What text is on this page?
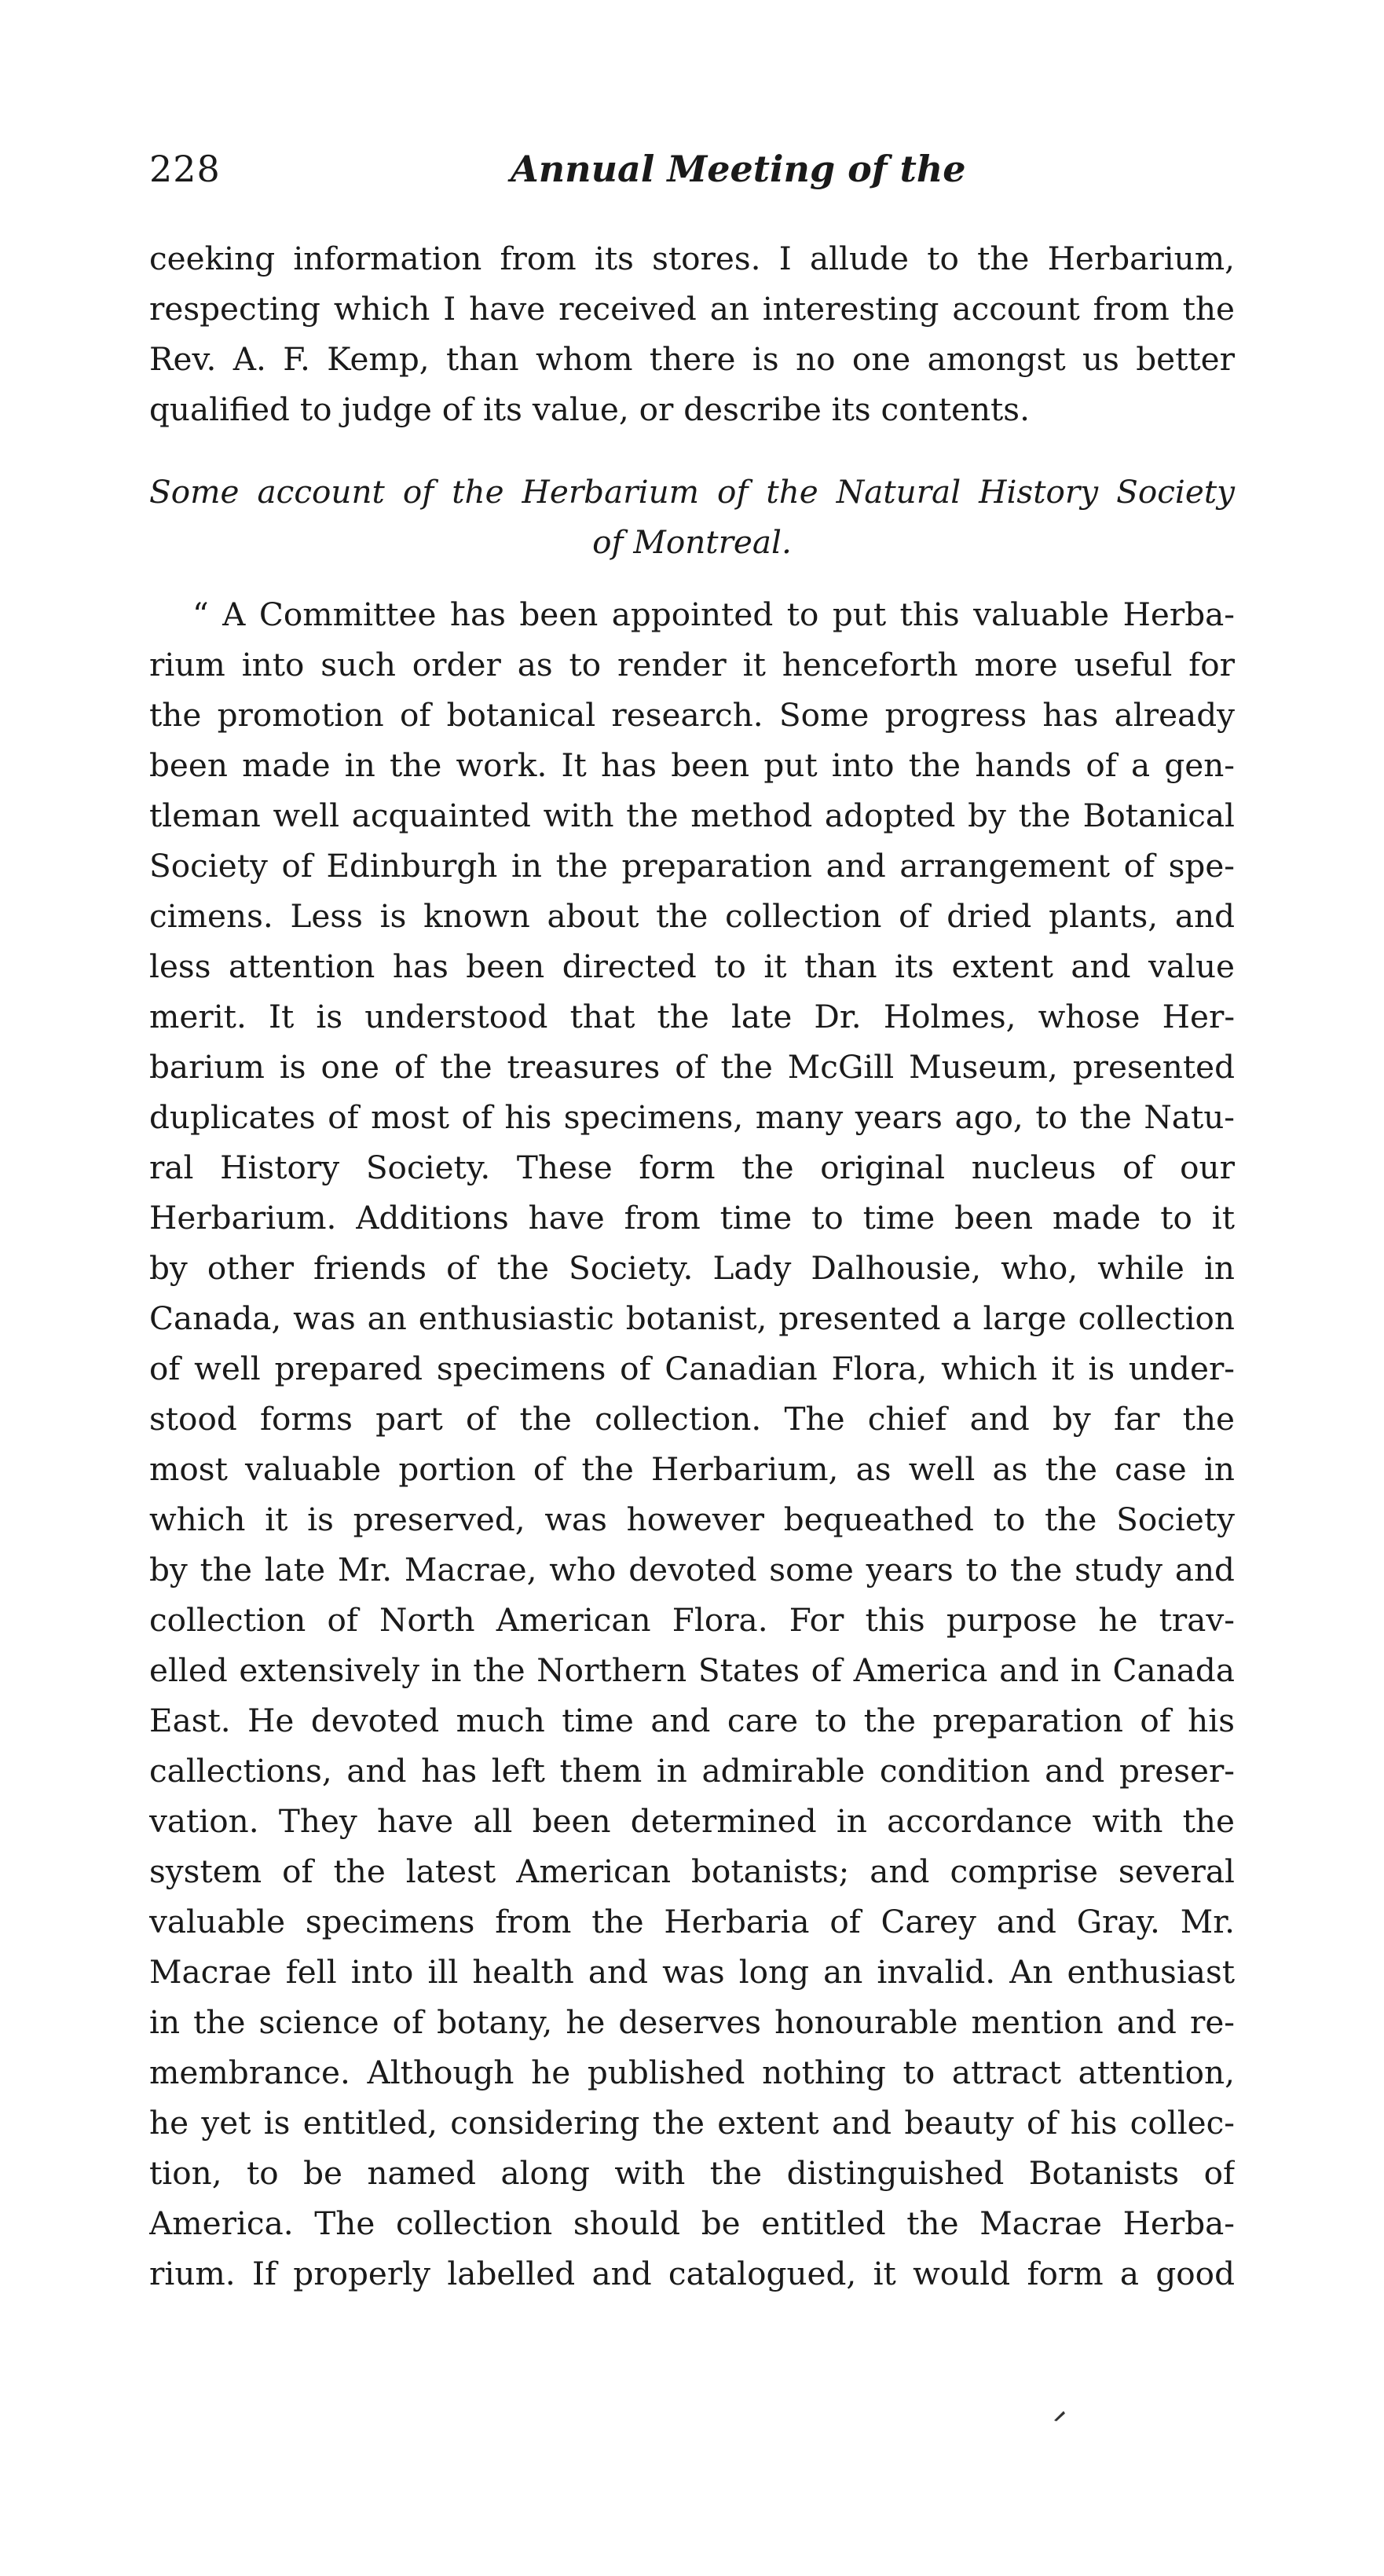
228	Annual Meeting of the
ceeking information from its stores. I allude to the Herbarium,
respecting which I have received an interesting account from the
Rev. A. F. Kemp, than whom there is no one amongst us better
qualified to judge of its value, or describe its contents.
Some account of the Herbarium of the Natural History Society
of Montreal.
“ A Committee has been appointed to put this valuable Herba-
rium into such order as to render it henceforth more useful for
the promotion of botanical research. Some progress has already
been made in the work. It has been put into the hands of a gen-
tleman well acquainted with the method adopted by the Botanical
Society of Edinburgh in the preparation and arrangement of spe-
cimens. Less is known about the collection of dried plants, and
less attention has been directed to it than its extent and value
merit. It is understood that the late Dr. Holmes, whose Her-
barium is one of the treasures of the McGill Museum, presented
duplicates of most of his specimens, many years ago, to the Natu-
ral History Society. These form the original nucleus of our
Herbarium. Additions have from time to time been made to it
by other friends of the Society. Lady Dalhousie, who, while in
Canada, was an enthusiastic botanist, presented a large collection
of well prepared specimens of Canadian Flora, which it is under-
stood forms part of the collection. The chief and by far the
most valuable portion of the Herbarium, as well as the case in
which it is preserved, was however bequeathed to the Society
by the late Mr. Macrae, who devoted some years to the study and
collection of North American Flora. For this purpose he trav-
elled extensively in the Northern States of America and in Canada
East. He devoted much time and care to the preparation of his
callections, and has left them in admirable condition and preser-
vation. They have all been determined in accordance with the
system of the latest American botanists; and comprise several
valuable specimens from the Herbaria of Carey and Gray. Mr.
Macrae fell into ill health and was long an invalid. An enthusiast
in the science of botany, he deserves honourable mention and re-
membrance. Although he published nothing to attract attention,
he yet is entitled, considering the extent and beauty of his collec-
tion, to be named along with the distinguished Botanists of
America. The collection should be entitled the Macrae Herba-
rium. If properly labelled and catalogued, it would form a good
